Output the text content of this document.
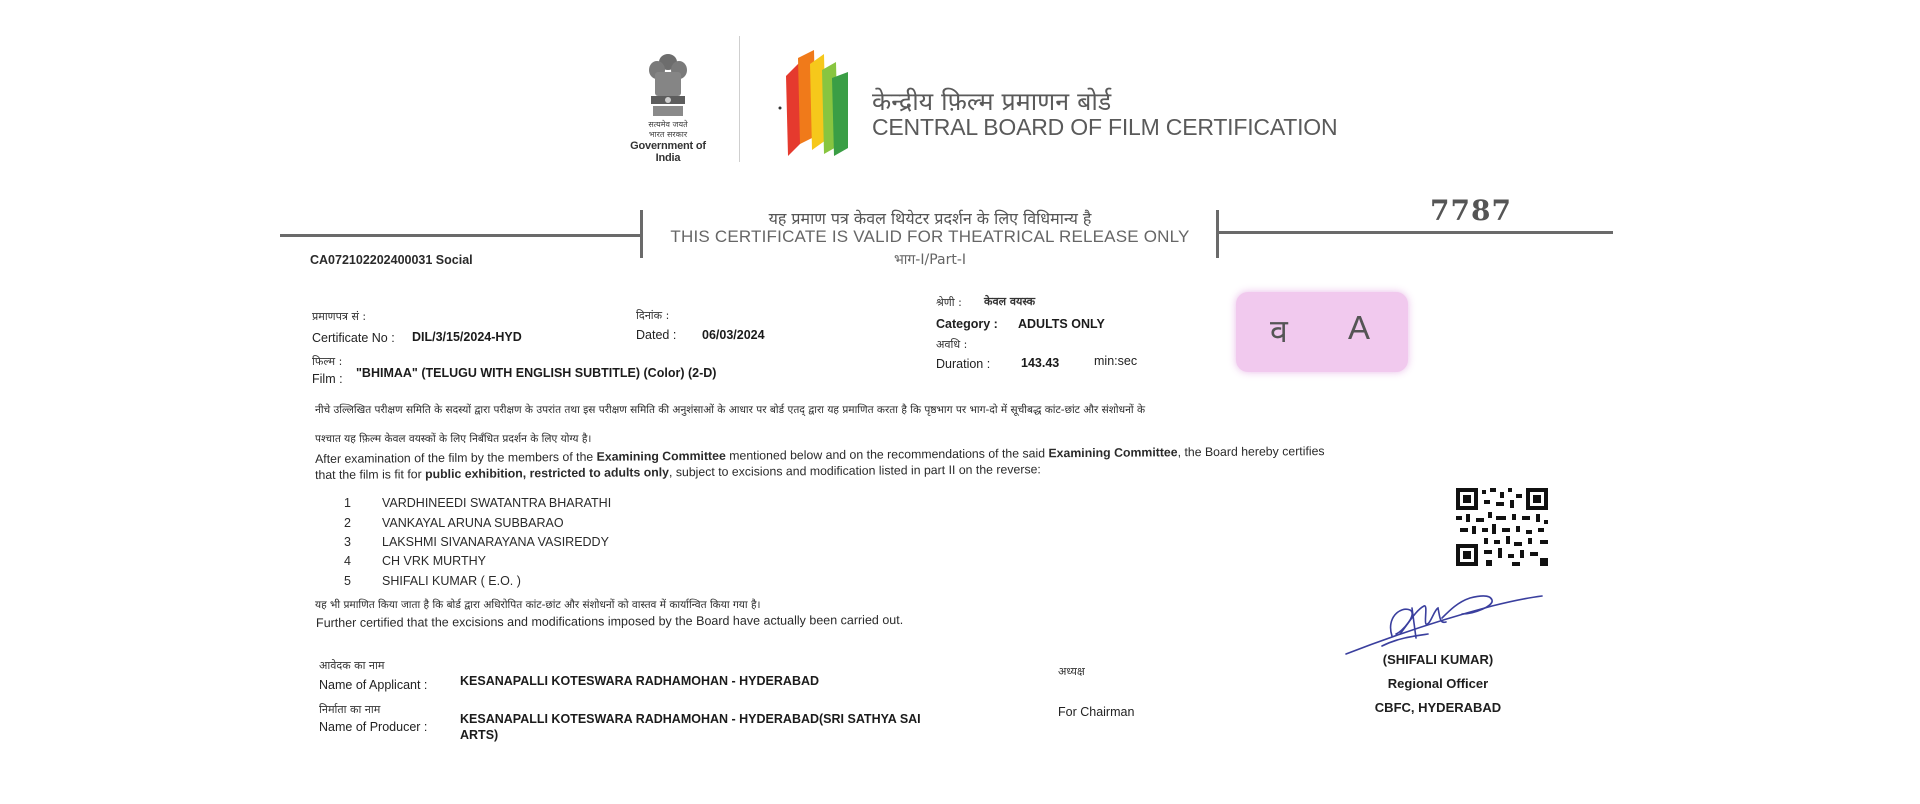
सत्यमेव जयते
भारत सरकार
Government of India
केन्द्रीय फ़िल्म प्रमाणन बोर्ड
CENTRAL BOARD OF FILM CERTIFICATION
यह प्रमाण पत्र केवल थियेटर प्रदर्शन के लिए विधिमान्य है
THIS CERTIFICATE IS VALID FOR THEATRICAL RELEASE ONLY
भाग-I/Part-I
7787
CA072102202400031 Social
प्रमाणपत्र सं :
Certificate No : DIL/3/15/2024-HYD
दिनांक :
Dated : 06/03/2024
श्रेणी : केवल वयस्क
Category : ADULTS ONLY
अवधि :
Duration : 143.43	min:sec
फिल्म :
Film : "BHIMAA" (TELUGU WITH ENGLISH SUBTITLE) (Color) (2-D)
व A
नीचे उल्लिखित परीक्षण समिति के सदस्यों द्वारा परीक्षण के उपरांत तथा इस परीक्षण समिति की अनुशंसाओं के आधार पर बोर्ड एतद् द्वारा यह प्रमाणित करता है कि पृष्ठभाग पर भाग-दो में सूचीबद्ध कांट-छांट और संशोधनों के
पश्चात यह फ़िल्म केवल वयस्कों के लिए निर्बंधित प्रदर्शन के लिए योग्य है।
After examination of the film by the members of the Examining Committee mentioned below and on the recommendations of the said Examining Committee, the Board hereby certifies
that the film is fit for public exhibition, restricted to adults only, subject to excisions and modification listed in part II on the reverse:
1 VARDHINEEDI SWATANTRA BHARATHI
2 VANKAYAL ARUNA SUBBARAO
3 LAKSHMI SIVANARAYANA VASIREDDY
4 CH VRK MURTHY
5 SHIFALI KUMAR ( E.O. )
यह भी प्रमाणित किया जाता है कि बोर्ड द्वारा अधिरोपित कांट-छांट और संशोधनों को वास्तव में कार्यान्वित किया गया है।
Further certified that the excisions and modifications imposed by the Board have actually been carried out.
आवेदक का नाम
Name of Applicant :	KESANAPALLI KOTESWARA RADHAMOHAN - HYDERABAD
निर्माता का नाम
Name of Producer :
KESANAPALLI KOTESWARA RADHAMOHAN - HYDERABAD(SRI SATHYA SAI
ARTS)
अध्यक्ष
For Chairman
(SHIFALI KUMAR)
Regional Officer
CBFC, HYDERABAD
